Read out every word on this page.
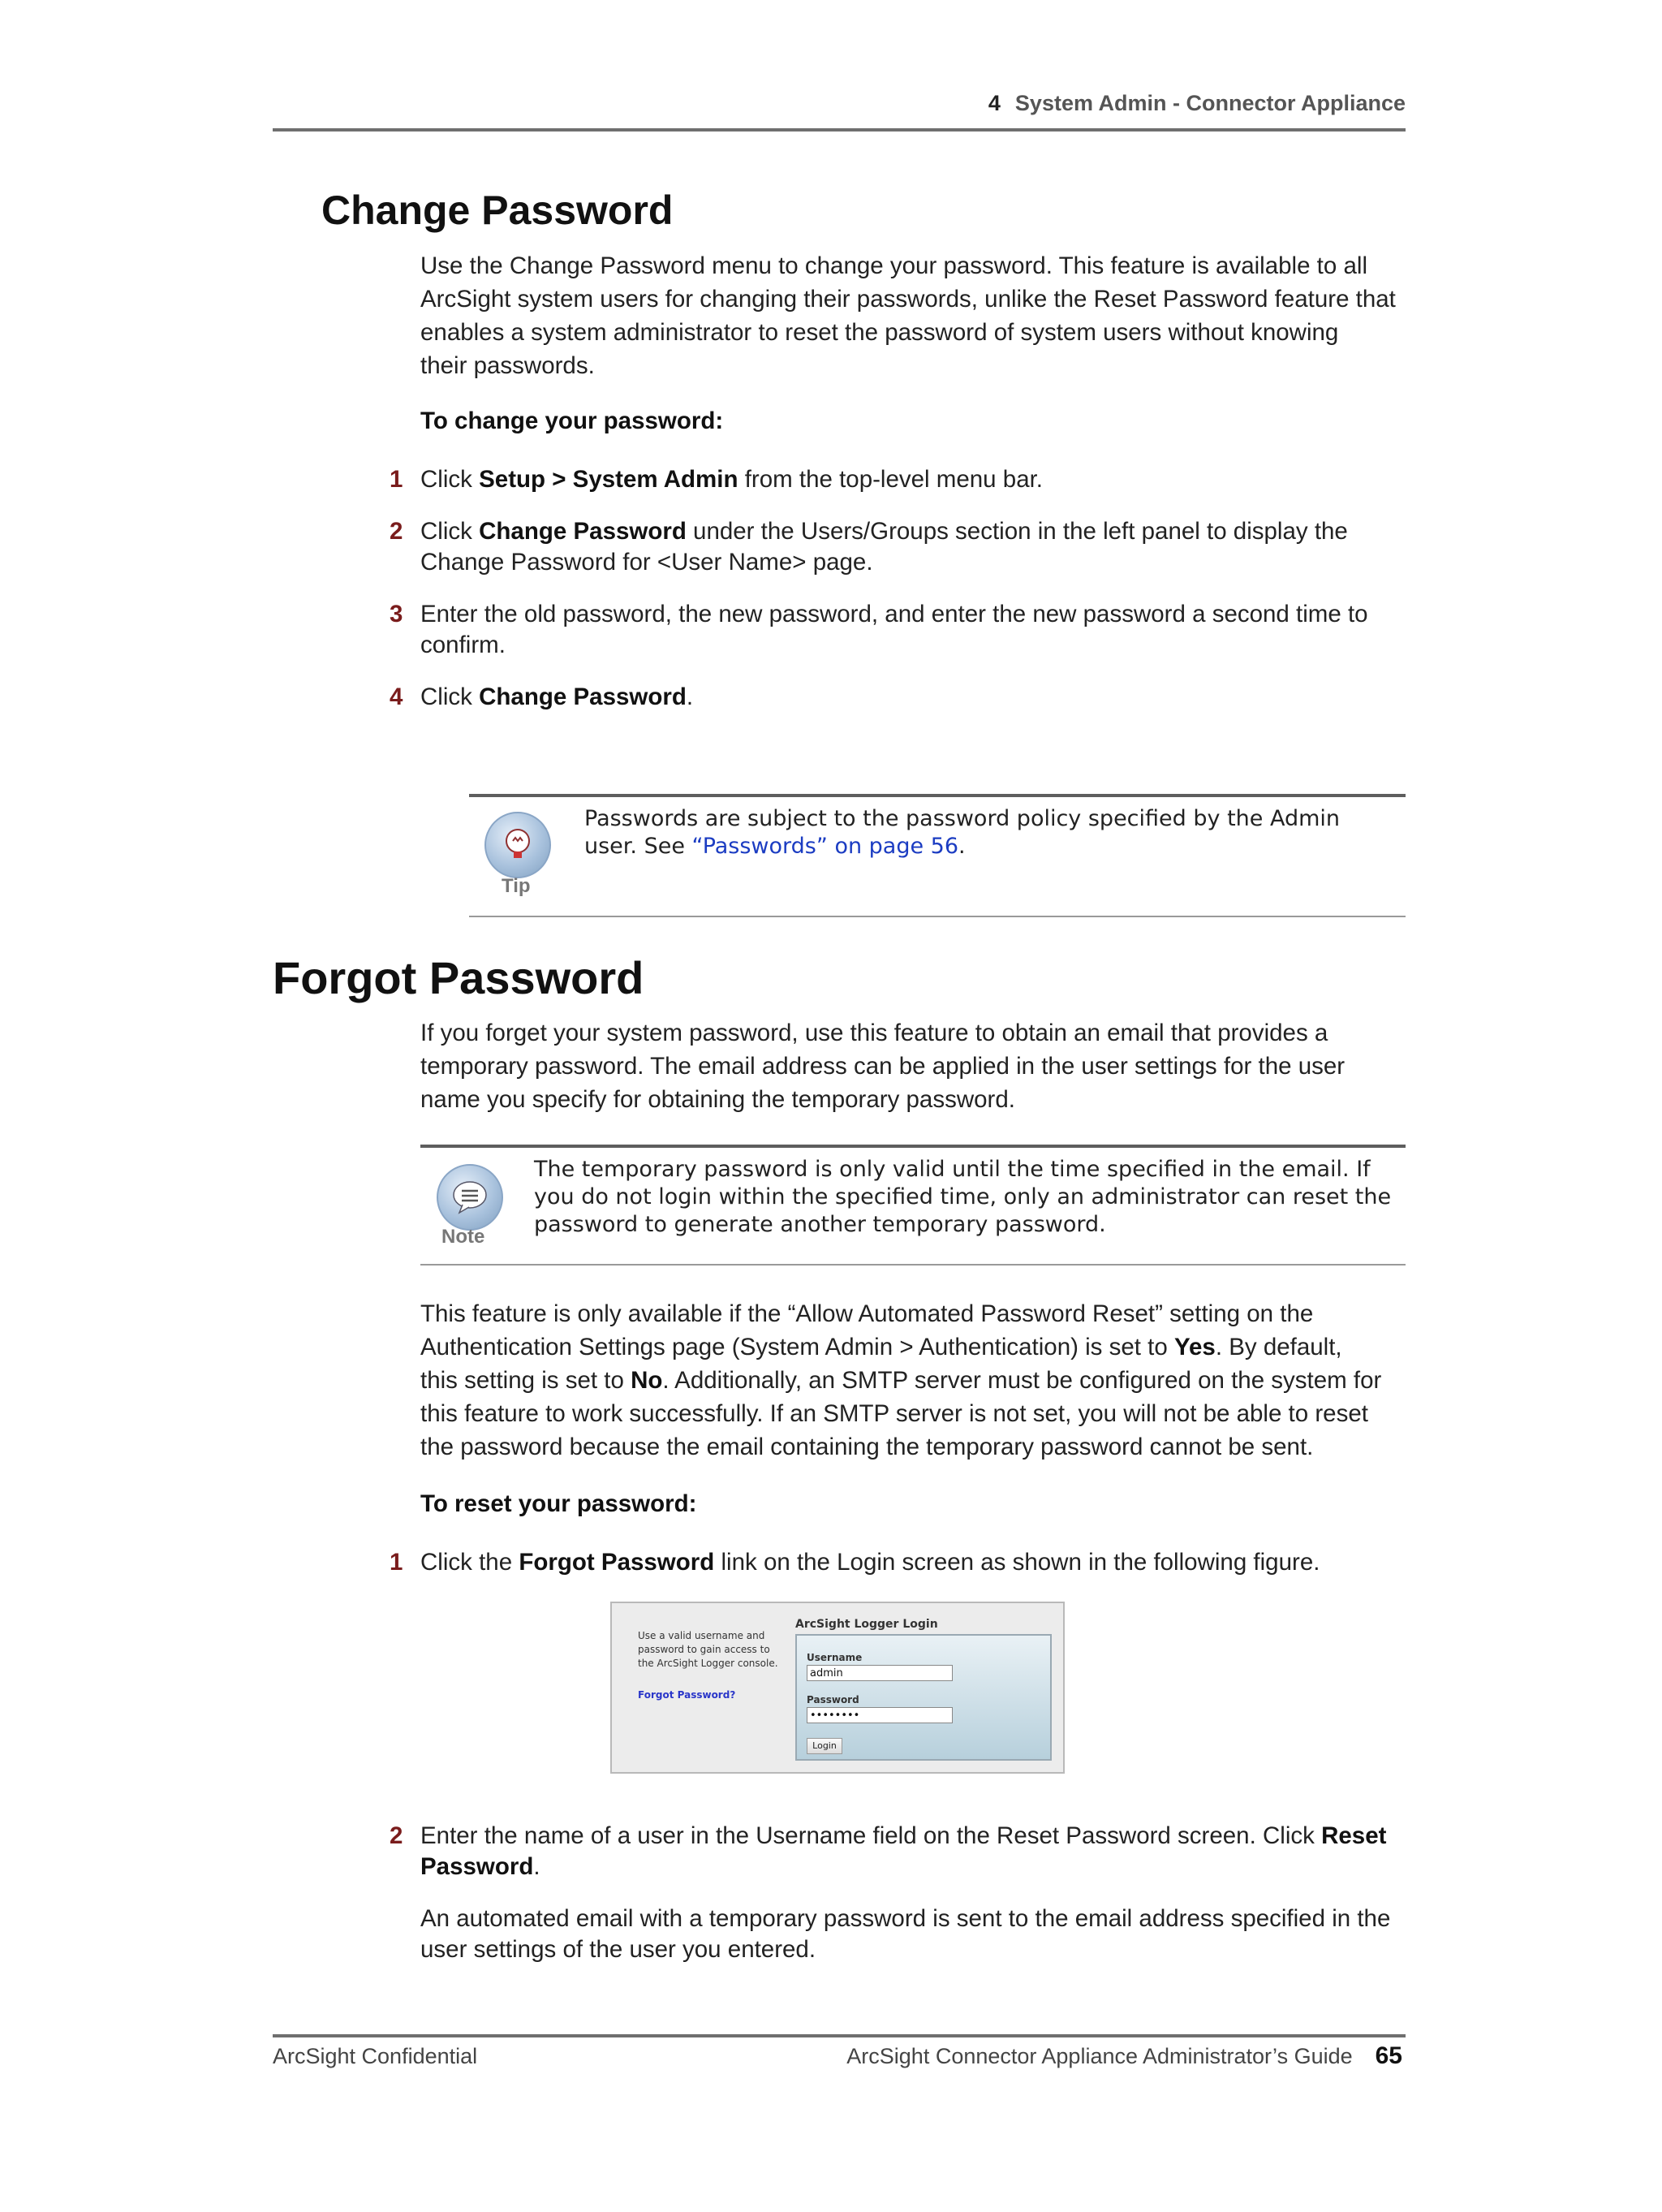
4 System Admin - Connector Appliance
Change Password
Use the Change Password menu to change your password. This feature is available to all
ArcSight system users for changing their passwords, unlike the Reset Password feature that
enables a system administrator to reset the password of system users without knowing
their passwords.
To change your password:
1 Click Setup > System Admin from the top-level menu bar.
2 Click Change Password under the Users/Groups section in the left panel to display the Change Password for <User Name> page.
3 Enter the old password, the new password, and enter the new password a second time to confirm.
4 Click Change Password.
Tip
Passwords are subject to the password policy specified by the Admin
user. See “Passwords” on page 56.
Forgot Password
If you forget your system password, use this feature to obtain an email that provides a
temporary password. The email address can be applied in the user settings for the user
name you specify for obtaining the temporary password.
Note
The temporary password is only valid until the time specified in the email. If
you do not login within the specified time, only an administrator can reset the
password to generate another temporary password.
This feature is only available if the “Allow Automated Password Reset” setting on the
Authentication Settings page (System Admin > Authentication) is set to Yes. By default,
this setting is set to No. Additionally, an SMTP server must be configured on the system for
this feature to work successfully. If an SMTP server is not set, you will not be able to reset
the password because the email containing the temporary password cannot be sent.
To reset your password:
1 Click the Forgot Password link on the Login screen as shown in the following figure.
Use a valid username and password to gain access to the ArcSight Logger console.
Forgot Password?
ArcSight Logger Login
Username
admin
Password
••••••••
Login
2 Enter the name of a user in the Username field on the Reset Password screen. Click Reset Password.
An automated email with a temporary password is sent to the email address specified in the user settings of the user you entered.
ArcSight Confidential	ArcSight Connector Appliance Administrator’s Guide 65
